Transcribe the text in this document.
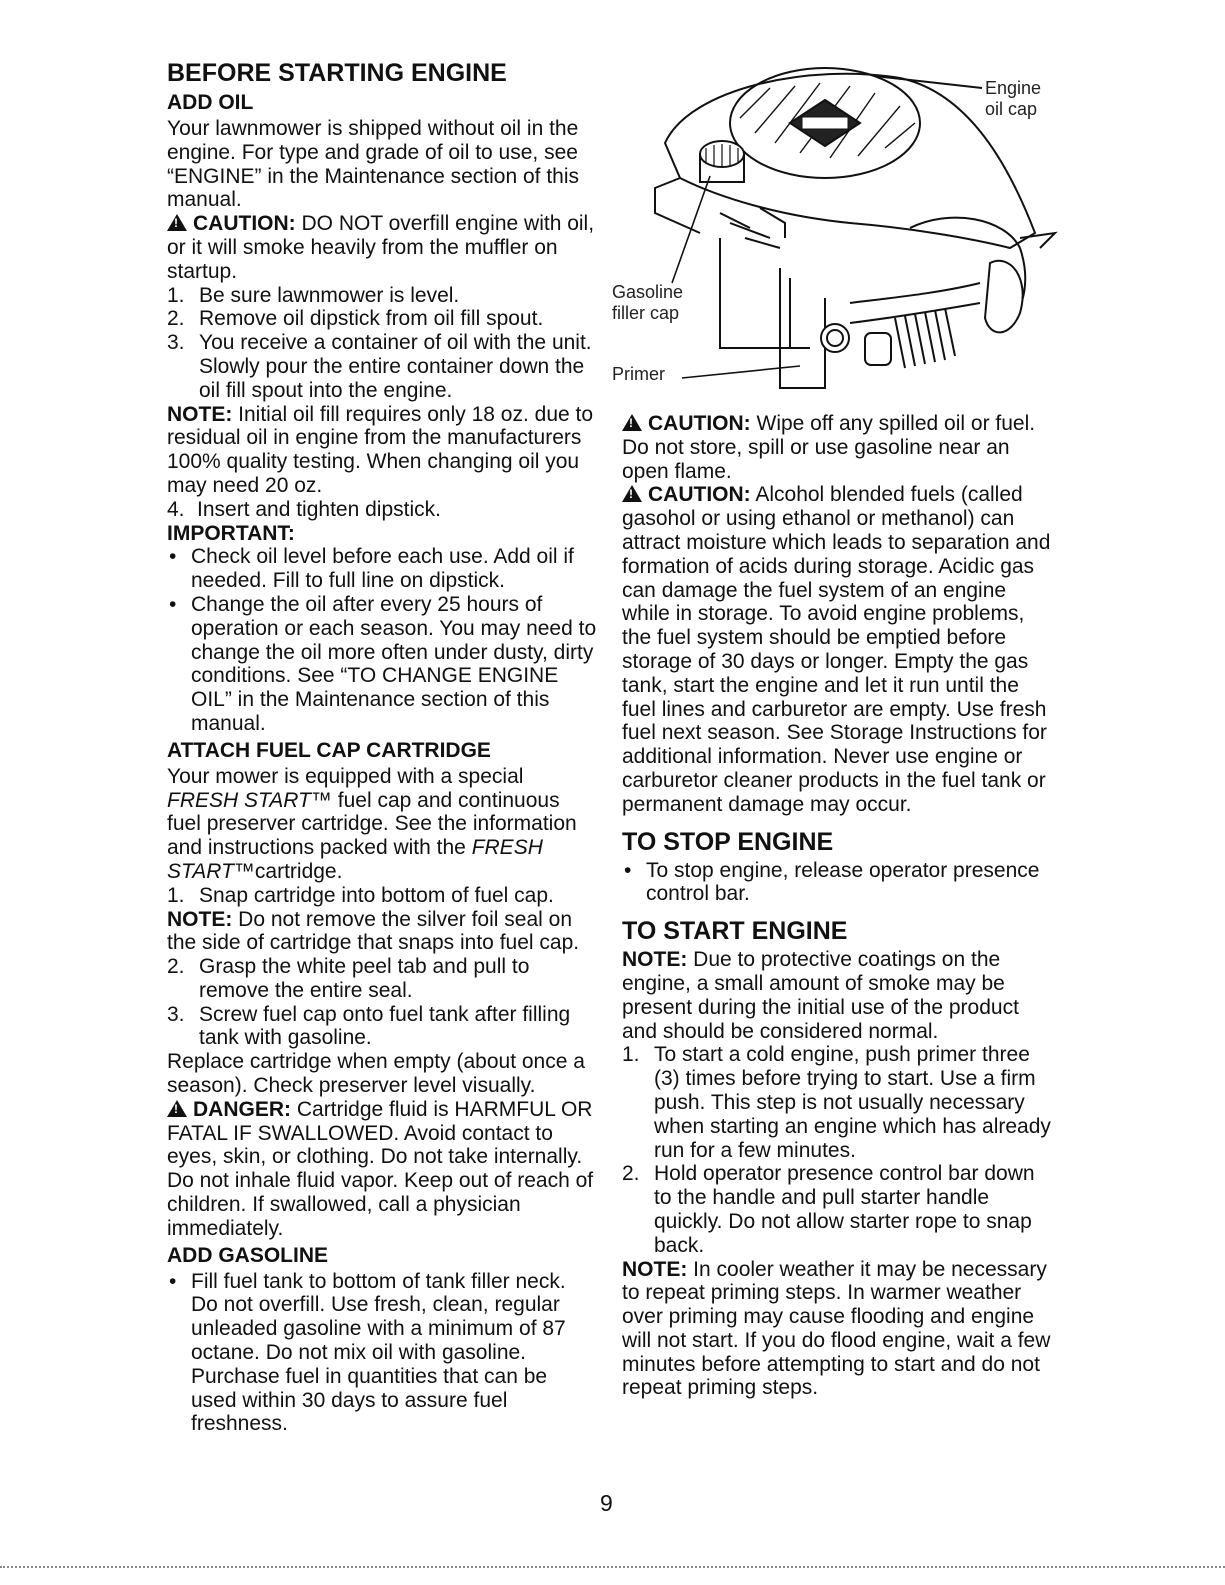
BEFORE STARTING ENGINE
ADD OIL

Your lawnmower is shipped without oil in the engine. For type and grade of oil to use, see “ENGINE” in the Maintenance section of this manual.

!CAUTION: DO NOT overfill engine with oil, or it will smoke heavily from the muffler on startup.

1. Be sure lawnmower is level.
2. Remove oil dipstick from oil fill spout.
3. You receive a container of oil with the unit. Slowly pour the entire container down the oil fill spout into the engine.

NOTE: Initial oil fill requires only 18 oz. due to residual oil in engine from the manufacturers 100% quality testing. When changing oil you may need 20 oz.

4. Insert and tighten dipstick.
IMPORTANT:
• Check oil level before each use. Add oil if needed. Fill to full line on dipstick.
• Change the oil after every 25 hours of operation or each season. You may need to change the oil more often under dusty, dirty conditions. See “TO CHANGE ENGINE OIL” in the Maintenance section of this manual.
ATTACH FUEL CAP CARTRIDGE

Your mower is equipped with a special FRESH START™ fuel cap and continuous fuel preserver cartridge. See the information and instructions packed with the FRESH START™cartridge.

1. Snap cartridge into bottom of fuel cap.

NOTE: Do not remove the silver foil seal on the side of cartridge that snaps into fuel cap.

2. Grasp the white peel tab and pull to remove the entire seal.
3. Screw fuel cap onto fuel tank after filling tank with gasoline.

Replace cartridge when empty (about once a season). Check preserver level visually.

!DANGER: Cartridge fluid is HARMFUL OR FATAL IF SWALLOWED. Avoid contact to eyes, skin, or clothing. Do not take internally. Do not inhale fluid vapor. Keep out of reach of children. If swallowed, call a physician immediately.

ADD GASOLINE
• Fill fuel tank to bottom of tank filler neck. Do not overfill. Use fresh, clean, regular unleaded gasoline with a minimum of 87 octane. Do not mix oil with gasoline. Purchase fuel in quantities that can be used within 30 days to assure fuel freshness.
Engine oil cap
Gasoline filler cap
Primer

!CAUTION: Wipe off any spilled oil or fuel. Do not store, spill or use gasoline near an open flame.

!CAUTION: Alcohol blended fuels (called gasohol or using ethanol or methanol) can attract moisture which leads to separation and formation of acids during storage. Acidic gas can damage the fuel system of an engine while in storage. To avoid engine problems, the fuel system should be emptied before storage of 30 days or longer. Empty the gas tank, start the engine and let it run until the fuel lines and carburetor are empty. Use fresh fuel next season. See Storage Instructions for additional information. Never use engine or carburetor cleaner products in the fuel tank or permanent damage may occur.

TO STOP ENGINE
• To stop engine, release operator presence control bar.
TO START ENGINE

NOTE: Due to protective coatings on the engine, a small amount of smoke may be present during the initial use of the product and should be considered normal.

1. To start a cold engine, push primer three (3) times before trying to start. Use a firm push. This step is not usually necessary when starting an engine which has already run for a few minutes.
2. Hold operator presence control bar down to the handle and pull starter handle quickly. Do not allow starter rope to snap back.

NOTE: In cooler weather it may be necessary to repeat priming steps. In warmer weather over priming may cause flooding and engine will not start. If you do flood engine, wait a few minutes before attempting to start and do not repeat priming steps.

9
